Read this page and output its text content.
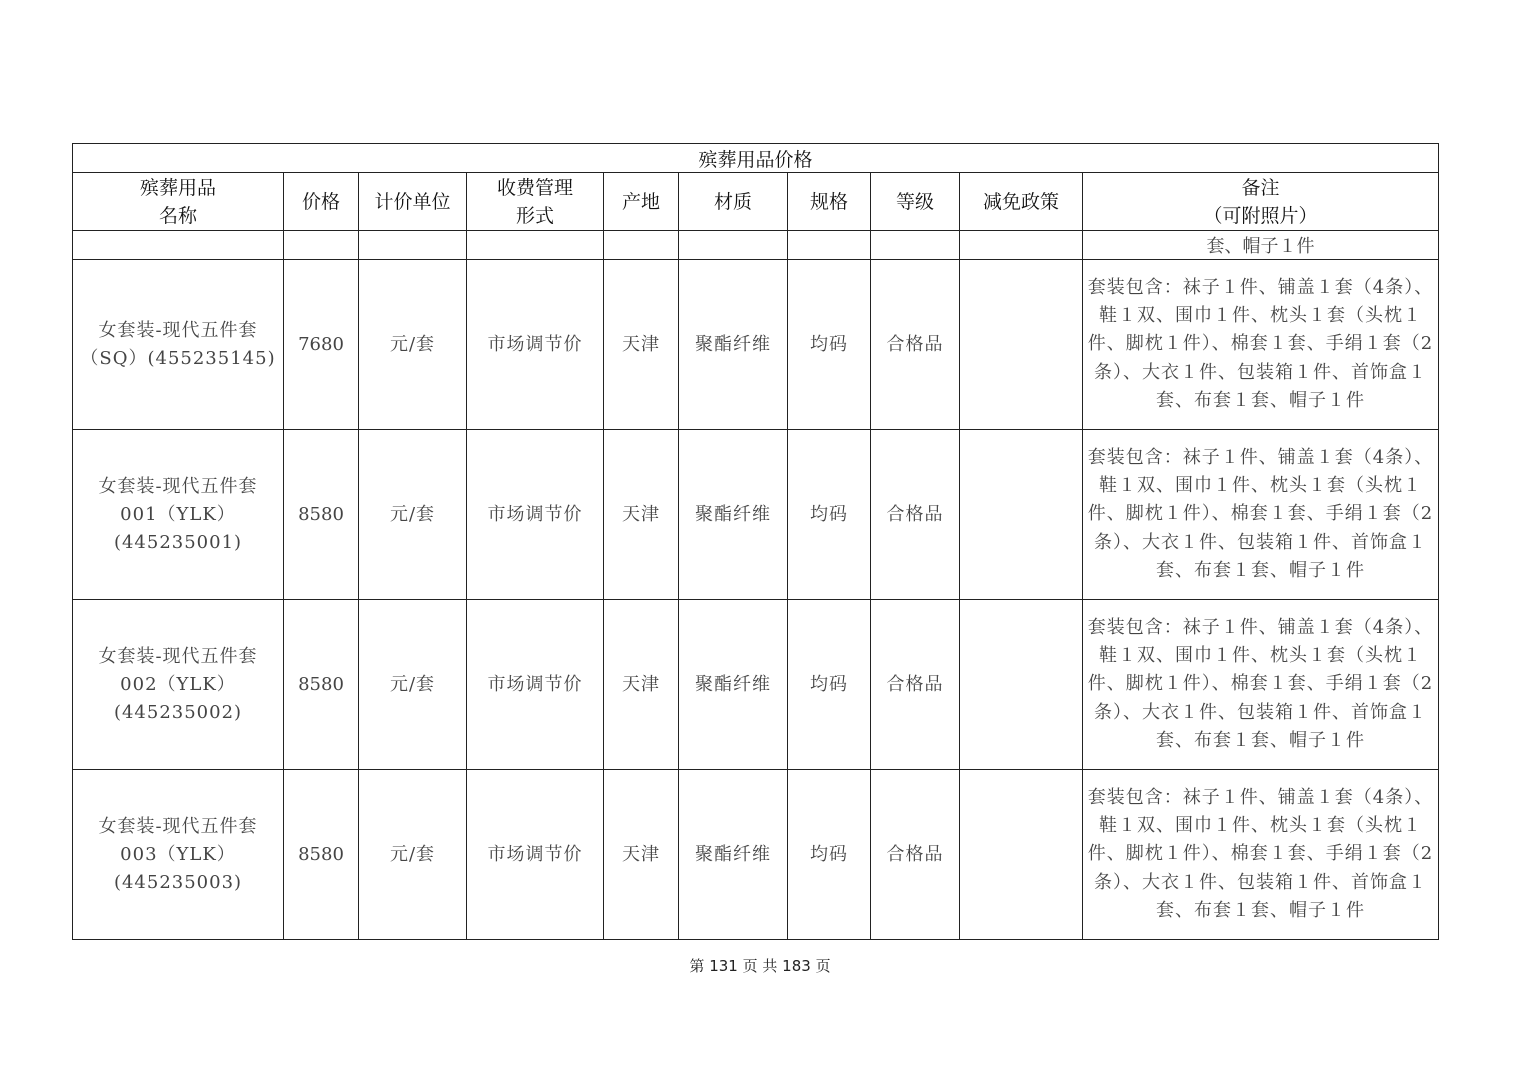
殡葬用品价格									

殡葬用品
名称	价格	计价单位	收费管理
形式	产地	材质	规格	等级	减免政策	备注
（可附照片）

									套、帽子１件

女套装-现代五件套
（SQ）(455235145)	7680	元/套	市场调节价	天津	聚酯纤维	均码	合格品		套装包含：袜子１件、铺盖１套（4条）、鞋１双、围巾１件、枕头１套（头枕１件、脚枕１件）、棉套１套、手绢１套（2条）、大衣１件、包装箱１件、首饰盒１套、布套１套、帽子１件

女套装-现代五件套
001（YLK）
(445235001)	8580	元/套	市场调节价	天津	聚酯纤维	均码	合格品		套装包含：袜子１件、铺盖１套（4条）、鞋１双、围巾１件、枕头１套（头枕１件、脚枕１件）、棉套１套、手绢１套（2条）、大衣１件、包装箱１件、首饰盒１套、布套１套、帽子１件

女套装-现代五件套
002（YLK）
(445235002)	8580	元/套	市场调节价	天津	聚酯纤维	均码	合格品		套装包含：袜子１件、铺盖１套（4条）、鞋１双、围巾１件、枕头１套（头枕１件、脚枕１件）、棉套１套、手绢１套（2条）、大衣１件、包装箱１件、首饰盒１套、布套１套、帽子１件

女套装-现代五件套
003（YLK）
(445235003)	8580	元/套	市场调节价	天津	聚酯纤维	均码	合格品		套装包含：袜子１件、铺盖１套（4条）、鞋１双、围巾１件、枕头１套（头枕１件、脚枕１件）、棉套１套、手绢１套（2条）、大衣１件、包装箱１件、首饰盒１套、布套１套、帽子１件
第 131 页 共 183 页
